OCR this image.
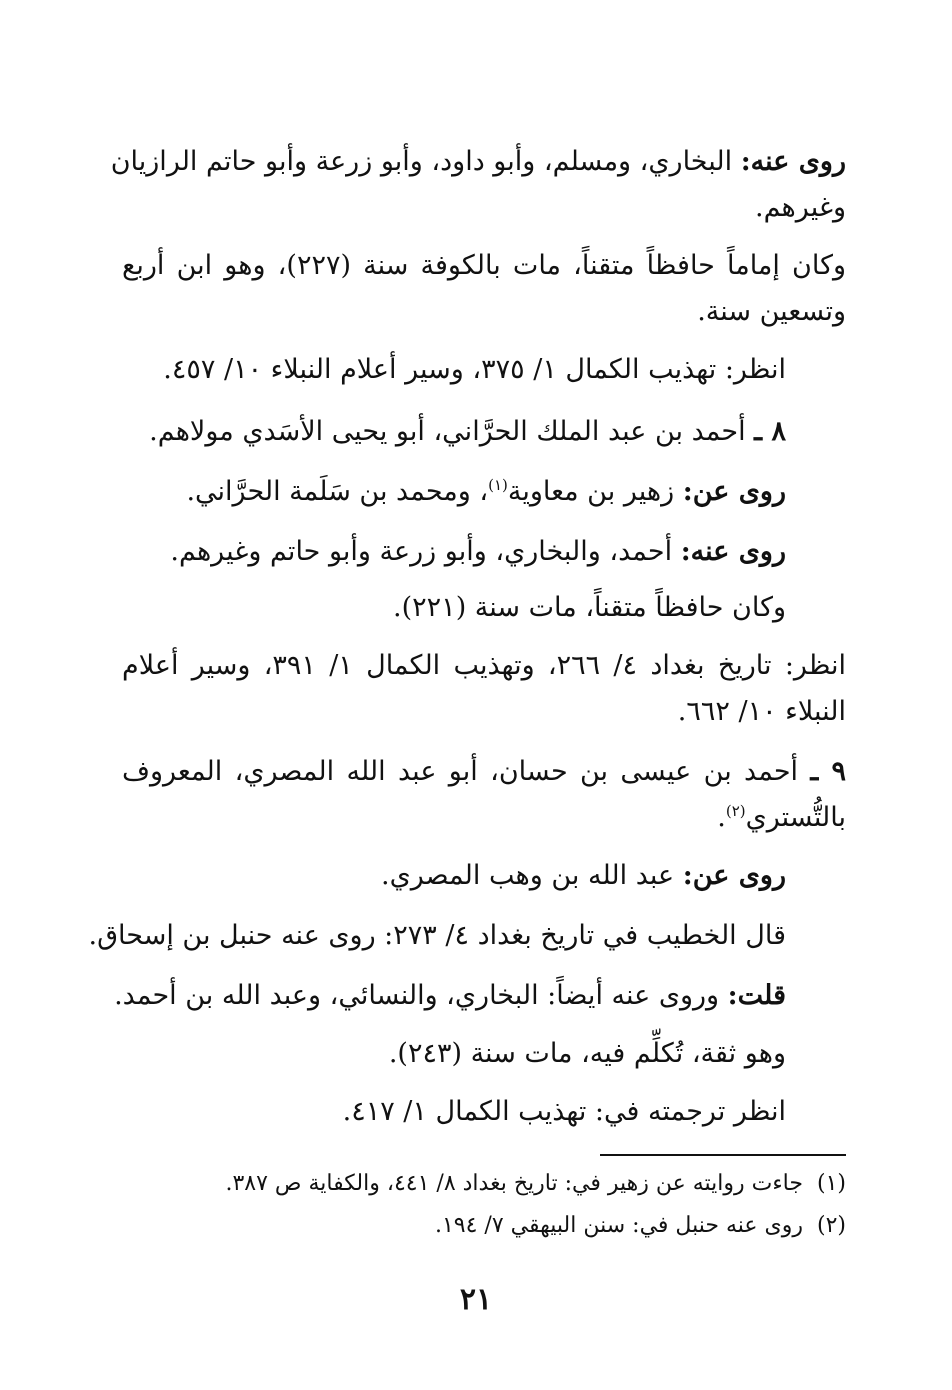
روى عنه: البخاري، ومسلم، وأبو داود، وأبو زرعة وأبو حاتم الرازيان

وغيرهم.

وكان إماماً حافظاً متقناً، مات بالكوفة سنة (٢٢٧)، وهو ابن أربع

وتسعين سنة.

انظر: تهذيب الكمال ١/ ٣٧٥، وسير أعلام النبلاء ١٠/ ٤٥٧.

٨ ـ أحمد بن عبد الملك الحرَّاني، أبو يحيى الأسَدي مولاهم.

روى عن: زهير بن معاوية$^{(١)}$، ومحمد بن سَلَمة الحرَّاني.

روى عنه: أحمد، والبخاري، وأبو زرعة وأبو حاتم وغيرهم.

وكان حافظاً متقناً، مات سنة (٢٢١).

انظر: تاريخ بغداد ٤/ ٢٦٦، وتهذيب الكمال ١/ ٣٩١، وسير أعلام

النبلاء ١٠/ ٦٦٢.

٩ ـ أحمد بن عيسى بن حسان، أبو عبد الله المصري، المعروف

بالتُّستري$^{(٢)}$.

روى عن: عبد الله بن وهب المصري.

قال الخطيب في تاريخ بغداد ٤/ ٢٧٣: روى عنه حنبل بن إسحاق.

قلت: وروى عنه أيضاً: البخاري، والنسائي، وعبد الله بن أحمد.

وهو ثقة، تُكلِّم فيه، مات سنة (٢٤٣).

انظر ترجمته في: تهذيب الكمال ١/ ٤١٧.

(١)  جاءت روايته عن زهير في: تاريخ بغداد ٨/ ٤٤١، والكفاية ص ٣٨٧.

(٢)  روى عنه حنبل في: سنن البيهقي ٧/ ١٩٤.

٢١
